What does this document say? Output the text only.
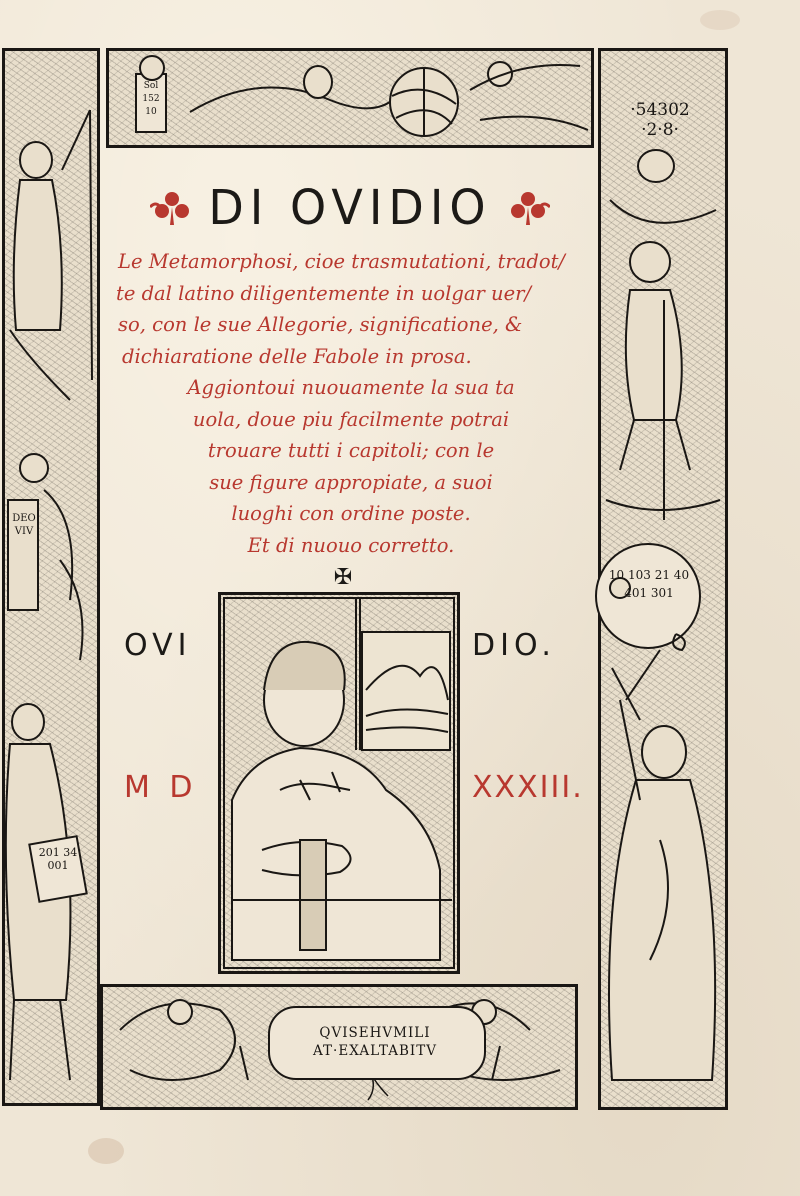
QVISEHVMILI
AT·EXALTABITV
·54302
·2·8·
DEO VIV
201 34 001
10 103 21 40 401 301
Sol 152 10
DI OVIDIO
Le Metamorphosi, cioe trasmutationi, tradot/
te dal latino diligentemente in uolgar uer/
so, con le sue Allegorie, significatione, &
dichiaratione delle Fabole in prosa.
Aggiontoui nuouamente la sua ta
uola, doue piu facilmente potrai
trouare tutti i capitoli; con le
sue figure appropiate, a suoi
luoghi con ordine poste.
Et di nuouo corretto.
✠
OVI	DIO.
M D	XXXIII.
